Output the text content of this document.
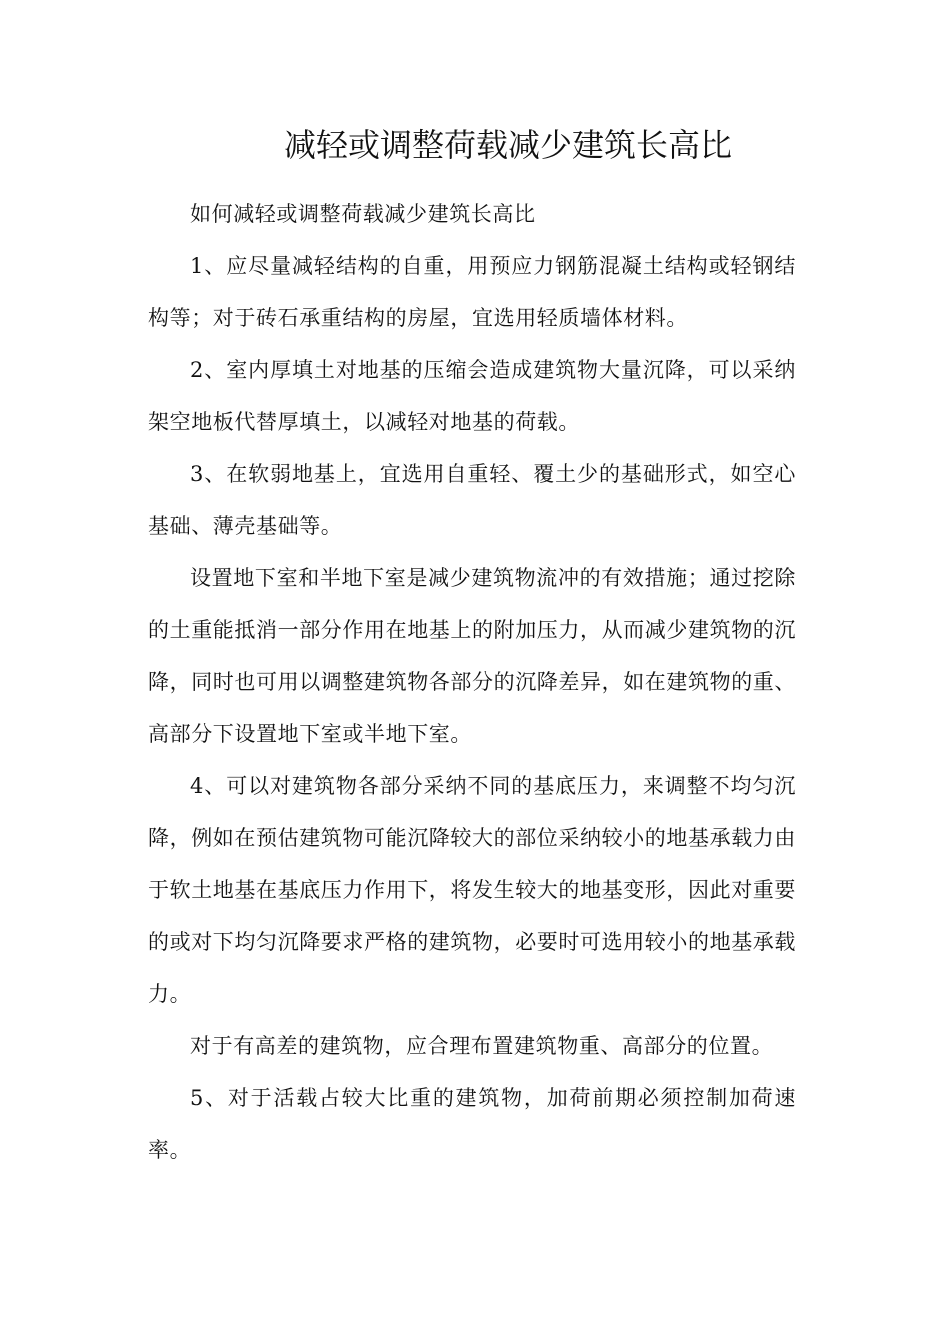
减轻或调整荷载减少建筑长高比

如何减轻或调整荷载减少建筑长高比

1、应尽量减轻结构的自重，用预应力钢筋混凝土结构或轻钢结构等；对于砖石承重结构的房屋，宜选用轻质墙体材料。

2、室内厚填土对地基的压缩会造成建筑物大量沉降，可以采纳架空地板代替厚填土，以减轻对地基的荷载。

3、在软弱地基上，宜选用自重轻、覆土少的基础形式，如空心基础、薄壳基础等。

设置地下室和半地下室是减少建筑物流冲的有效措施；通过挖除的土重能抵消一部分作用在地基上的附加压力，从而减少建筑物的沉降，同时也可用以调整建筑物各部分的沉降差异，如在建筑物的重、高部分下设置地下室或半地下室。

4、可以对建筑物各部分采纳不同的基底压力，来调整不均匀沉降，例如在预估建筑物可能沉降较大的部位采纳较小的地基承载力由于软土地基在基底压力作用下，将发生较大的地基变形，因此对重要的或对下均匀沉降要求严格的建筑物，必要时可选用较小的地基承载力。

对于有高差的建筑物，应合理布置建筑物重、高部分的位置。

5、对于活载占较大比重的建筑物，加荷前期必须控制加荷速率。
